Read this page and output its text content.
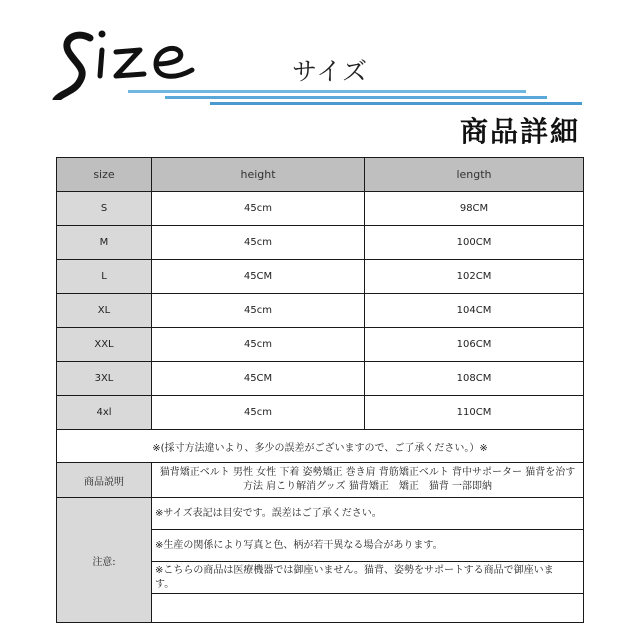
サイズ
商品詳細
size	height	length
S	45cm	98CM
M	45cm	100CM
L	45CM	102CM
XL	45cm	104CM
XXL	45cm	106CM
3XL	45CM	108CM
4xl	45cm	110CM
※(採寸方法違いより、多少の誤差がございますので、ご了承ください。）※		
商品説明	猫背矯正ベルト 男性 女性 下着 姿勢矯正 巻き肩 背筋矯正ベルト 背中サポーター 猫背を治す方法 肩こり解消グッズ 猫背矯正　矯正　猫背 一部即納	
注意:	※サイズ表記は目安です。誤差はご了承ください。	
	※生産の関係により写真と色、柄が若干異なる場合があります。	
	※こちらの商品は医療機器では御座いません。猫背、姿勢をサポートする商品で御座いま
す。	
